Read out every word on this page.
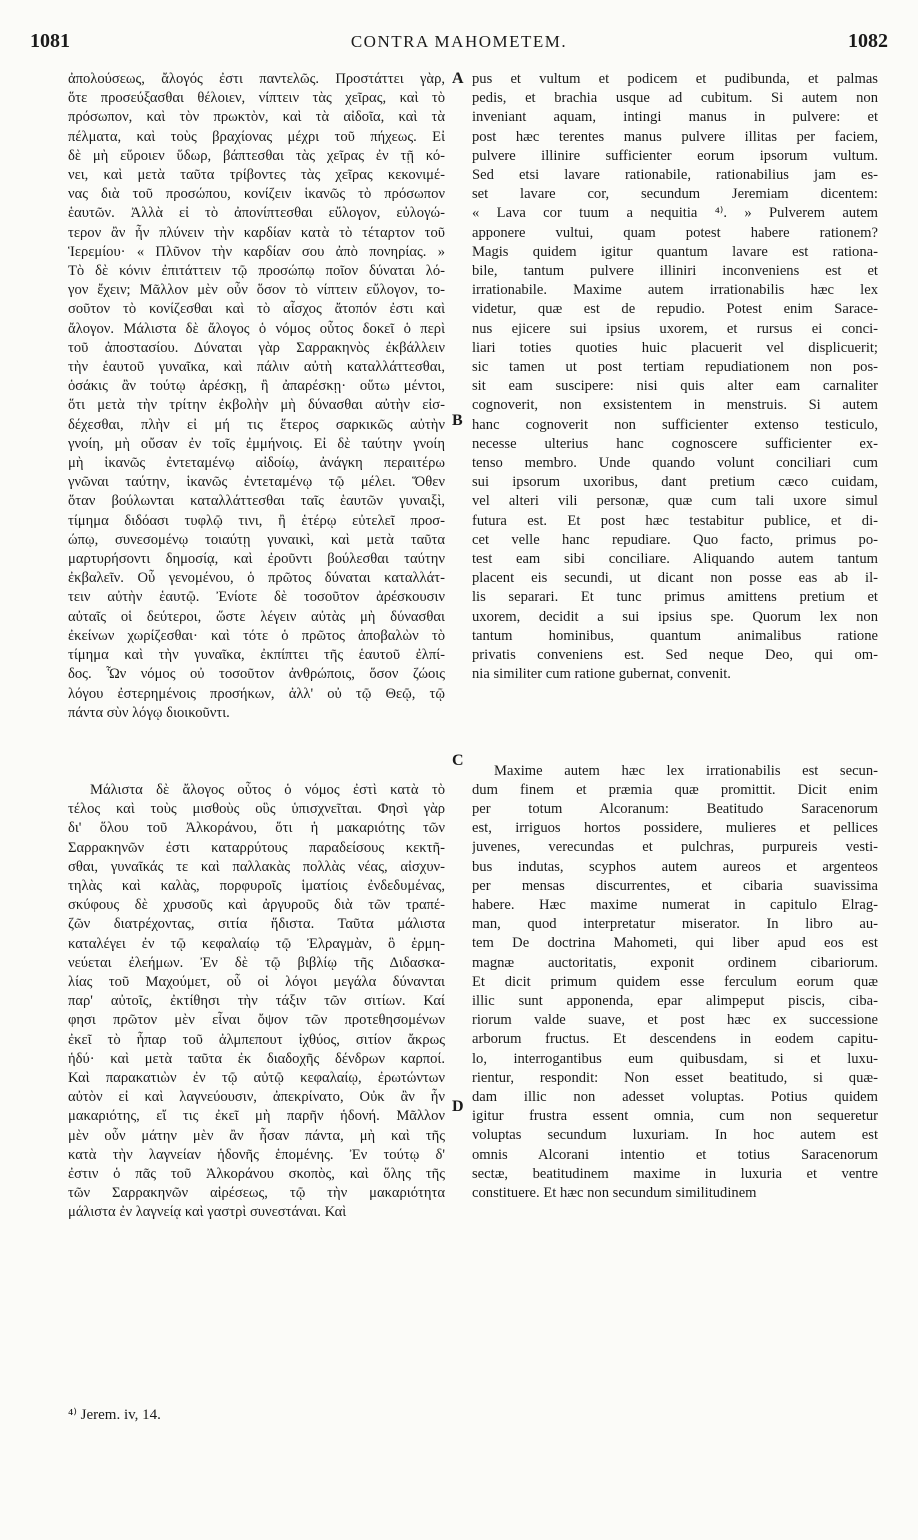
1081	CONTRA MAHOMETEM.	1082

ἀπολούσεως, ἄλογός ἐστι παντελῶς. Προστάττει γὰρ,
ὅτε προσεύξασθαι θέλοιεν, νίπτειν τὰς χεῖρας, καὶ τὸ
πρόσωπον, καὶ τὸν πρωκτὸν, καὶ τὰ αἰδοῖα, καὶ τὰ
πέλματα, καὶ τοὺς βραχίονας μέχρι τοῦ πήχεως. Εἰ
δὲ μὴ εὕροιεν ὕδωρ, βάπτεσθαι τὰς χεῖρας ἐν τῇ κό-
νει, καὶ μετὰ ταῦτα τρίβοντες τὰς χεῖρας κεκονιμέ-
νας διὰ τοῦ προσώπου, κονίζειν ἱκανῶς τὸ πρόσωπον
ἑαυτῶν. Ἀλλὰ εἰ τὸ ἀπονίπτεσθαι εὔλογον, εὐλογώ-
τερον ἂν ἦν πλύνειν τὴν καρδίαν κατὰ τὸ τέταρτον τοῦ
Ἱερεμίου· « Πλῦνον τὴν καρδίαν σου ἀπὸ πονηρίας. »
Τὸ δὲ κόνιν ἐπιτάττειν τῷ προσώπῳ ποῖον δύναται λό-
γον ἔχειν; Μᾶλλον μὲν οὖν ὅσον τὸ νίπτειν εὔλογον, το-
σοῦτον τὸ κονίζεσθαι καὶ τὸ αἶσχος ἄτοπόν ἐστι καὶ
ἄλογον. Μάλιστα δὲ ἄλογος ὁ νόμος οὗτος δοκεῖ ὁ περὶ
τοῦ ἀποστασίου. Δύναται γὰρ Σαρρακηνὸς ἐκβάλλειν
τὴν ἑαυτοῦ γυναῖκα, καὶ πάλιν αὐτὴ καταλλάττεσθαι,
ὁσάκις ἂν τούτῳ ἀρέσκῃ, ἢ ἀπαρέσκῃ· οὕτω μέντοι,
ὅτι μετὰ τὴν τρίτην ἐκβολὴν μὴ δύνασθαι αὐτὴν εἰσ-
δέχεσθαι, πλὴν εἰ μή τις ἕτερος σαρκικῶς αὐτὴν
γνοίη, μὴ οὔσαν ἐν τοῖς ἐμμήνοις. Εἰ δὲ ταύτην γνοίη
μὴ ἱκανῶς ἐντεταμένῳ αἰδοίῳ, ἀνάγκη περαιτέρω
γνῶναι ταύτην, ἱκανῶς ἐντεταμένῳ τῷ μέλει. Ὅθεν
ὅταν βούλωνται καταλλάττεσθαι ταῖς ἑαυτῶν γυναιξὶ,
τίμημα διδόασι τυφλῷ τινι, ἢ ἑτέρῳ εὐτελεῖ προσ-
ώπῳ, συνεσομένῳ τοιαύτῃ γυναικὶ, καὶ μετὰ ταῦτα
μαρτυρήσοντι δημοσίᾳ, καὶ ἐροῦντι βούλεσθαι ταύτην
ἐκβαλεῖν. Οὗ γενομένου, ὁ πρῶτος δύναται καταλλάτ-
τειν αὐτὴν ἑαυτῷ. Ἐνίοτε δὲ τοσοῦτον ἀρέσκουσιν
αὐταῖς οἱ δεύτεροι, ὥστε λέγειν αὐτὰς μὴ δύνασθαι
ἐκείνων χωρίζεσθαι· καὶ τότε ὁ πρῶτος ἀποβαλὼν τὸ
τίμημα καὶ τὴν γυναῖκα, ἐκπίπτει τῆς ἑαυτοῦ ἐλπί-
δος. Ὧν νόμος οὐ τοσοῦτον ἀνθρώποις, ὅσον ζώοις
λόγου ἐστερημένοις προσήκων, ἀλλ' οὐ τῷ Θεῷ, τῷ
πάντα σὺν λόγῳ διοικοῦντι.

Μάλιστα δὲ ἄλογος οὗτος ὁ νόμος ἐστὶ κατὰ τὸ
τέλος καὶ τοὺς μισθοὺς οὓς ὑπισχνεῖται. Φησὶ γὰρ
δι' ὅλου τοῦ Ἀλκοράνου, ὅτι ἡ μακαριότης τῶν
Σαρρακηνῶν ἐστι καταρρύτους παραδείσους κεκτῆ-
σθαι, γυναῖκάς τε καὶ παλλακὰς πολλὰς νέας, αἰσχυν-
τηλὰς καὶ καλὰς, πορφυροῖς ἱματίοις ἐνδεδυμένας,
σκύφους δὲ χρυσοῦς καὶ ἀργυροῦς διὰ τῶν τραπέ-
ζῶν διατρέχοντας, σιτία ἥδιστα. Ταῦτα μάλιστα
καταλέγει ἐν τῷ κεφαλαίῳ τῷ Ἐλραγμὰν, ὃ ἑρμη-
νεύεται ἐλεήμων. Ἐν δὲ τῷ βιβλίῳ τῆς Διδασκα-
λίας τοῦ Μαχούμετ, οὗ οἱ λόγοι μεγάλα δύνανται
παρ' αὐτοῖς, ἐκτίθησι τὴν τάξιν τῶν σιτίων. Καί
φησι πρῶτον μὲν εἶναι ὄψον τῶν προτεθησομένων
ἐκεῖ τὸ ἧπαρ τοῦ ἀλμπεπουτ ἰχθύος, σιτίον ἄκρως
ἡδύ· καὶ μετὰ ταῦτα ἐκ διαδοχῆς δένδρων καρποί.
Καὶ παρακατιὼν ἐν τῷ αὐτῷ κεφαλαίῳ, ἐρωτώντων
αὐτὸν εἰ καὶ λαγνεύουσιν, ἀπεκρίνατο, Οὐκ ἂν ἦν
μακαριότης, εἴ τις ἐκεῖ μὴ παρῆν ἡδονή. Μᾶλλον
μὲν οὖν μάτην μὲν ἂν ἦσαν πάντα, μὴ καὶ τῆς
κατὰ τὴν λαγνείαν ἡδονῆς ἑπομένης. Ἐν τούτῳ δ'
ἐστιν ὁ πᾶς τοῦ Ἀλκοράνου σκοπὸς, καὶ ὅλης τῆς
τῶν Σαρρακηνῶν αἱρέσεως, τῷ τὴν μακαριότητα
μάλιστα ἐν λαγνείᾳ καὶ γαστρὶ συνεστάναι. Καὶ

pus et vultum et podicem et pudibunda, et palmas
pedis, et brachia usque ad cubitum. Si autem non
inveniant aquam, intingi manus in pulvere: et
post hæc terentes manus pulvere illitas per faciem,
pulvere illinire sufficienter eorum ipsorum vultum.
Sed etsi lavare rationabile, rationabilius jam es-
set lavare cor, secundum Jeremiam dicentem:
« Lava cor tuum a nequitia ⁴⁾. » Pulverem autem
apponere vultui, quam potest habere rationem?
Magis quidem igitur quantum lavare est rationa-
bile, tantum pulvere illiniri inconveniens est et
irrationabile. Maxime autem irrationabilis hæc lex
videtur, quæ est de repudio. Potest enim Sarace-
nus ejicere sui ipsius uxorem, et rursus ei conci-
liari toties quoties huic placuerit vel displicuerit;
sic tamen ut post tertiam repudiationem non pos-
sit eam suscipere: nisi quis alter eam carnaliter
cognoverit, non exsistentem in menstruis. Si autem
hanc cognoverit non sufficienter extenso testiculo,
necesse ulterius hanc cognoscere sufficienter ex-
tenso membro. Unde quando volunt conciliari cum
sui ipsorum uxoribus, dant pretium cæco cuidam,
vel alteri vili personæ, quæ cum tali uxore simul
futura est. Et post hæc testabitur publice, et di-
cet velle hanc repudiare. Quo facto, primus po-
test eam sibi conciliare. Aliquando autem tantum
placent eis secundi, ut dicant non posse eas ab il-
lis separari. Et tunc primus amittens pretium et
uxorem, decidit a sui ipsius spe. Quorum lex non
tantum hominibus, quantum animalibus ratione
privatis conveniens est. Sed neque Deo, qui om-
nia similiter cum ratione gubernat, convenit.

Maxime autem hæc lex irrationabilis est secun-
dum finem et præmia quæ promittit. Dicit enim
per totum Alcoranum: Beatitudo Saracenorum
est, irriguos hortos possidere, mulieres et pellices
juvenes, verecundas et pulchras, purpureis vesti-
bus indutas, scyphos autem aureos et argenteos
per mensas discurrentes, et cibaria suavissima
habere. Hæc maxime numerat in capitulo Elrag-
man, quod interpretatur miserator. In libro au-
tem De doctrina Mahometi, qui liber apud eos est
magnæ auctoritatis, exponit ordinem cibariorum.
Et dicit primum quidem esse ferculum eorum quæ
illic sunt apponenda, epar alimpeput piscis, ciba-
riorum valde suave, et post hæc ex successione
arborum fructus. Et descendens in eodem capitu-
lo, interrogantibus eum quibusdam, si et luxu-
rientur, respondit: Non esset beatitudo, si quæ-
dam illic non adesset voluptas. Potius quidem
igitur frustra essent omnia, cum non sequeretur
voluptas secundum luxuriam. In hoc autem est
omnis Alcorani intentio et totius Saracenorum
sectæ, beatitudinem maxime in luxuria et ventre
constituere. Et hæc non secundum similitudinem

A
B
C
D
⁴⁾ Jerem. iv, 14.
